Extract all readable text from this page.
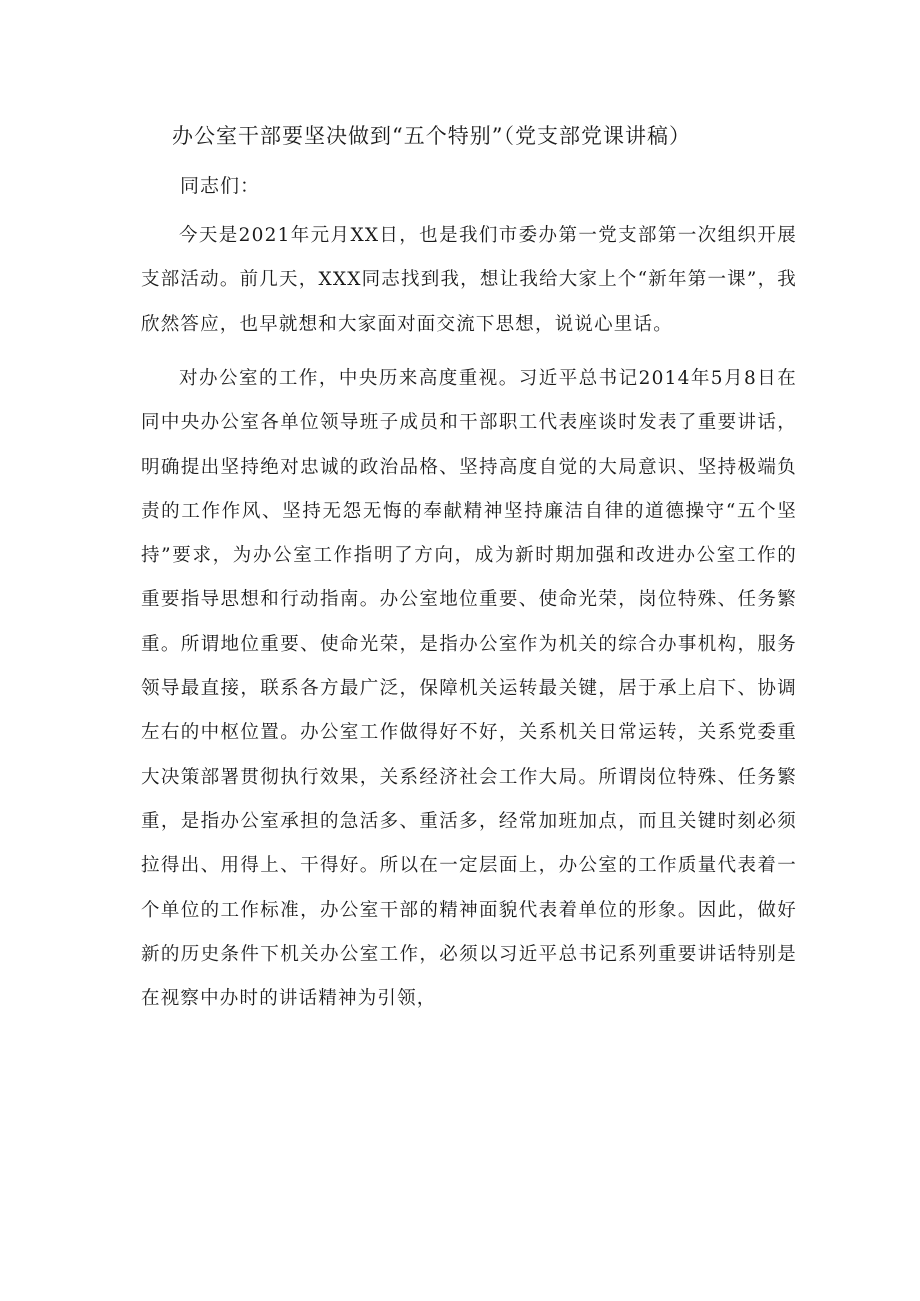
办公室干部要坚决做到“五个特别”（党支部党课讲稿）
同志们：

今天是2021年元月XX日，也是我们市委办第一党支部第一次组织开展支部活动。前几天，XXX同志找到我，想让我给大家上个“新年第一课”，我欣然答应，也早就想和大家面对面交流下思想，说说心里话。

对办公室的工作，中央历来高度重视。习近平总书记2014年5月8日在同中央办公室各单位领导班子成员和干部职工代表座谈时发表了重要讲话，明确提出坚持绝对忠诚的政治品格、坚持高度自觉的大局意识、坚持极端负责的工作作风、坚持无怨无悔的奉献精神坚持廉洁自律的道德操守“五个坚持”要求，为办公室工作指明了方向，成为新时期加强和改进办公室工作的重要指导思想和行动指南。办公室地位重要、使命光荣，岗位特殊、任务繁重。所谓地位重要、使命光荣，是指办公室作为机关的综合办事机构，服务领导最直接，联系各方最广泛，保障机关运转最关键，居于承上启下、协调左右的中枢位置。办公室工作做得好不好，关系机关日常运转，关系党委重大决策部署贯彻执行效果，关系经济社会工作大局。所谓岗位特殊、任务繁重，是指办公室承担的急活多、重活多，经常加班加点，而且关键时刻必须拉得出、用得上、干得好。所以在一定层面上，办公室的工作质量代表着一个单位的工作标准，办公室干部的精神面貌代表着单位的形象。因此，做好新的历史条件下机关办公室工作，必须以习近平总书记系列重要讲话特别是在视察中办时的讲话精神为引领，
